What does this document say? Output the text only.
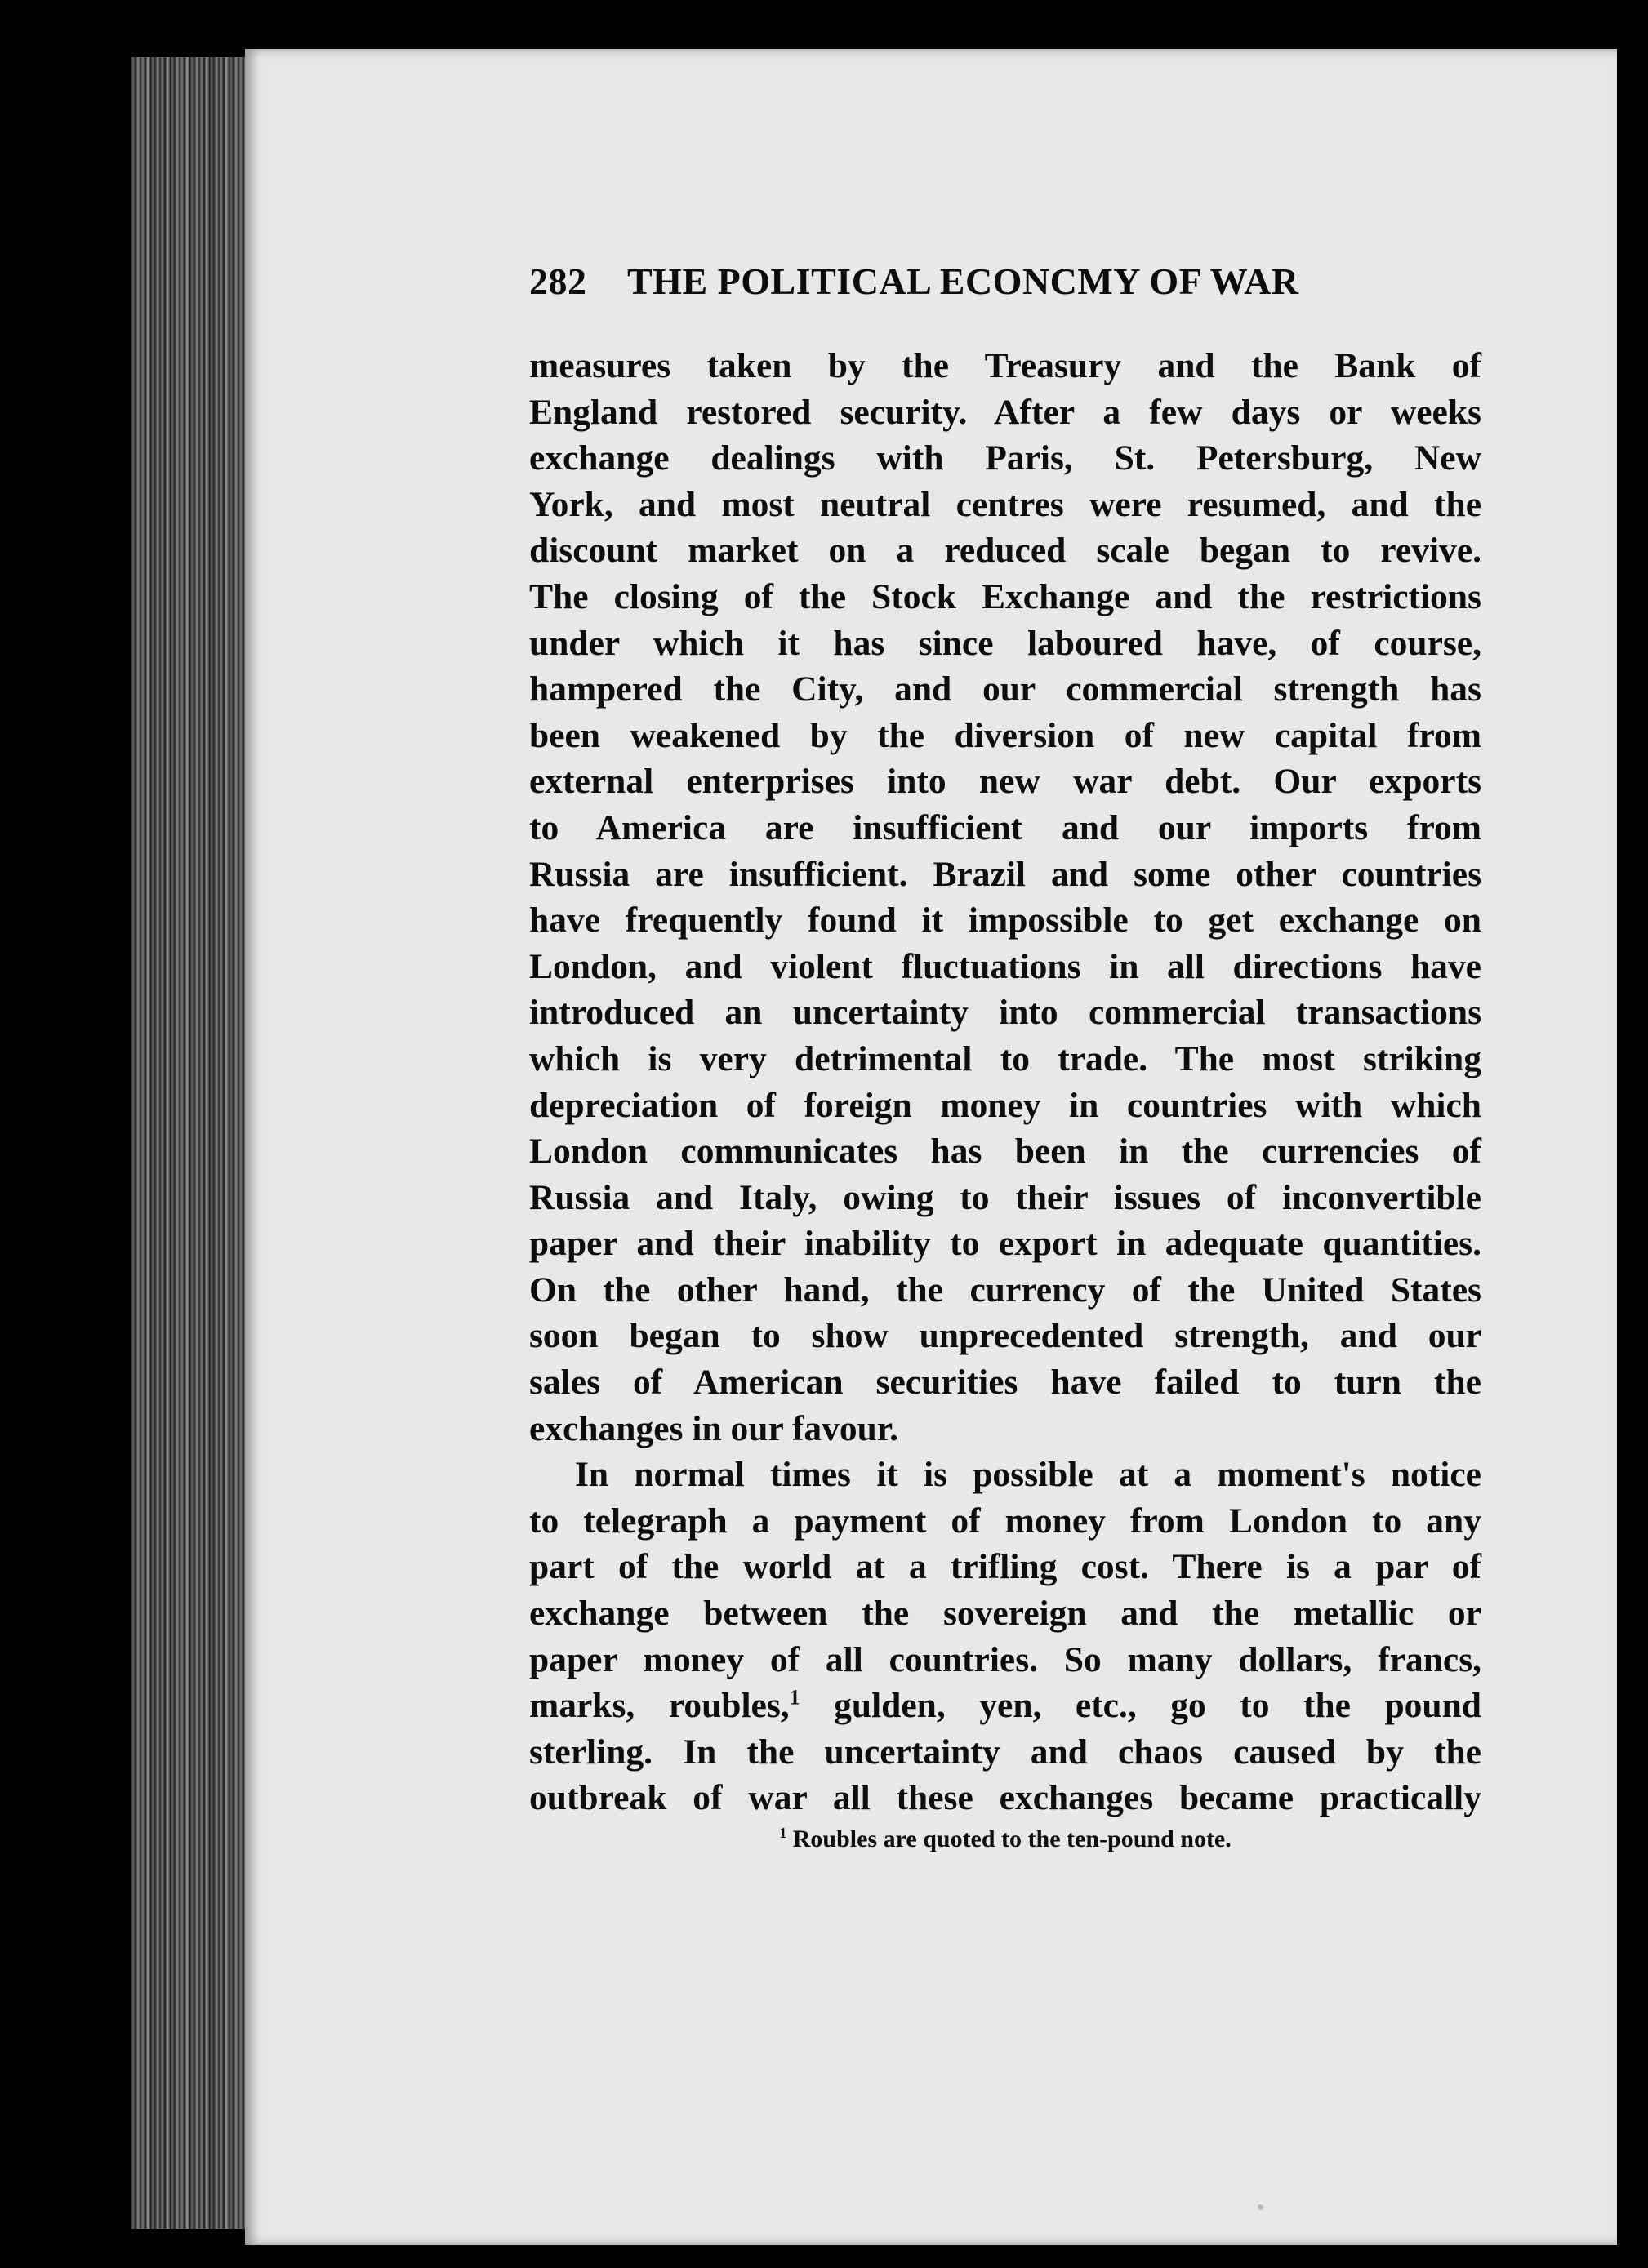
282 THE POLITICAL ECONCMY OF WAR
measures taken by the Treasury and the Bank of
England restored security. After a few days or weeks
exchange dealings with Paris, St. Petersburg, New
York, and most neutral centres were resumed, and the
discount market on a reduced scale began to revive.
The closing of the Stock Exchange and the restrictions
under which it has since laboured have, of course,
hampered the City, and our commercial strength has
been weakened by the diversion of new capital from
external enterprises into new war debt. Our exports
to America are insufficient and our imports from
Russia are insufficient. Brazil and some other countries
have frequently found it impossible to get exchange on
London, and violent fluctuations in all directions have
introduced an uncertainty into commercial transactions
which is very detrimental to trade. The most striking
depreciation of foreign money in countries with which
London communicates has been in the currencies of
Russia and Italy, owing to their issues of inconvertible
paper and their inability to export in adequate quantities.
On the other hand, the currency of the United States
soon began to show unprecedented strength, and our
sales of American securities have failed to turn the
exchanges in our favour.
In normal times it is possible at a moment's notice
to telegraph a payment of money from London to any
part of the world at a trifling cost. There is a par of
exchange between the sovereign and the metallic or
paper money of all countries. So many dollars, francs,
marks, roubles,$^1$ gulden, yen, etc., go to the pound
sterling. In the uncertainty and chaos caused by the
outbreak of war all these exchanges became practically
$^1$ Roubles are quoted to the ten-pound note.
